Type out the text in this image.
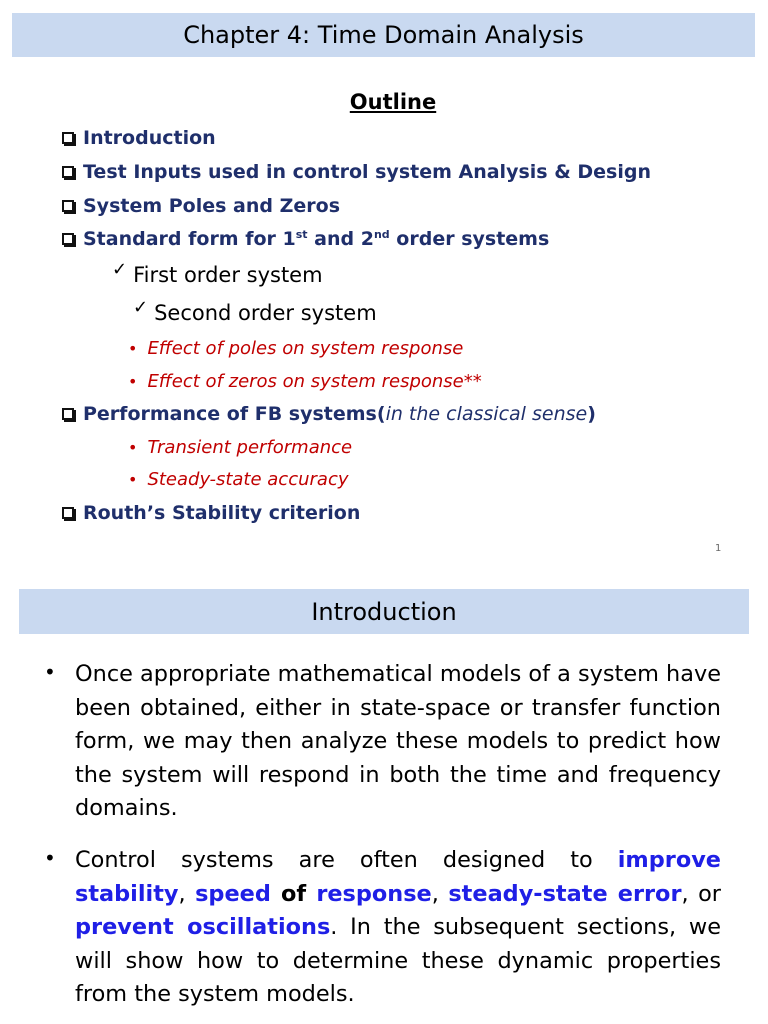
Chapter 4: Time Domain Analysis
Outline
Introduction
Test Inputs used in control system Analysis & Design
System Poles and Zeros
Standard form for 1st and 2nd order systems
✓ First order system
✓ Second order system
• Effect of poles on system response
• Effect of zeros on system response**
Performance of FB systems(in the classical sense)
• Transient performance
• Steady-state accuracy
Routh’s Stability criterion
1
Introduction
• Once appropriate mathematical models of a system have been obtained, either in state-space or transfer function form, we may then analyze these models to predict how the system will respond in both the time and frequency domains.
• Control systems are often designed to improve stability, speed of response, steady-state error, or prevent oscillations. In the subsequent sections, we will show how to determine these dynamic properties from the system models.
